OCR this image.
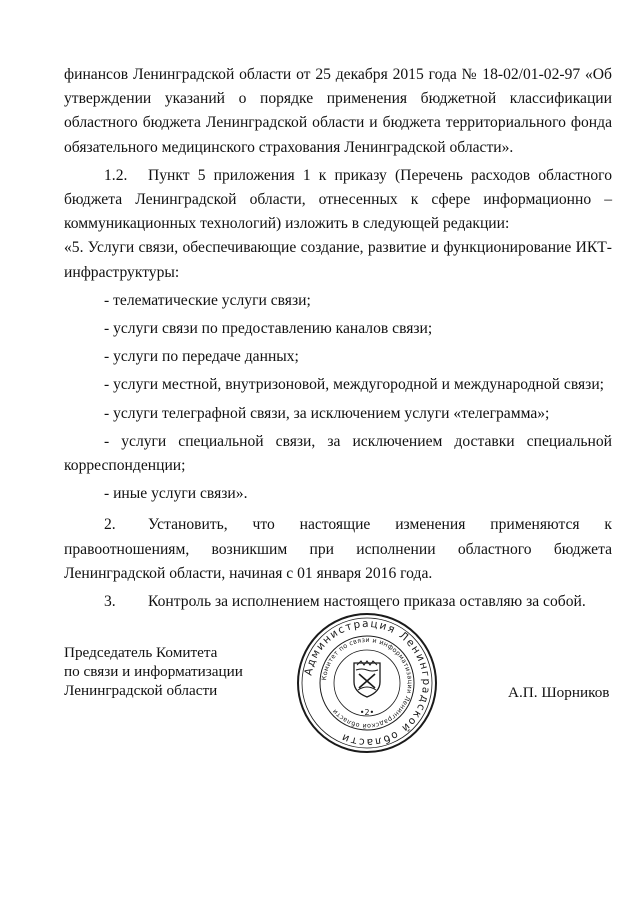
финансов Ленинградской области от 25 декабря 2015 года № 18-02/01-02-97 «Об утверждении указаний о порядке применения бюджетной классификации областного бюджета Ленинградской области и бюджета территориального фонда обязательного медицинского страхования Ленинградской области».

1.2. Пункт 5 приложения 1 к приказу (Перечень расходов областного бюджета Ленинградской области, отнесенных к сфере информационно – коммуникационных технологий) изложить в следующей редакции:

«5. Услуги связи, обеспечивающие создание, развитие и функционирование ИКТ-инфраструктуры:

- телематические услуги связи;

- услуги связи по предоставлению каналов связи;

- услуги по передаче данных;

- услуги местной, внутризоновой, междугородной и международной связи;

- услуги телеграфной связи, за исключением услуги «телеграмма»;

- услуги специальной связи, за исключением доставки специальной корреспонденции;

- иные услуги связи».

2. Установить, что настоящие изменения применяются к правоотношениям, возникшим при исполнении областного бюджета Ленинградской области, начиная с 01 января 2016 года.

3. Контроль за исполнением настоящего приказа оставляю за собой.

Председатель Комитета
по связи и информатизации
Ленинградской области
Администрация Ленинградской области
Комитет по связи и информатизации Ленинградской области	•2•
А.П. Шорников
